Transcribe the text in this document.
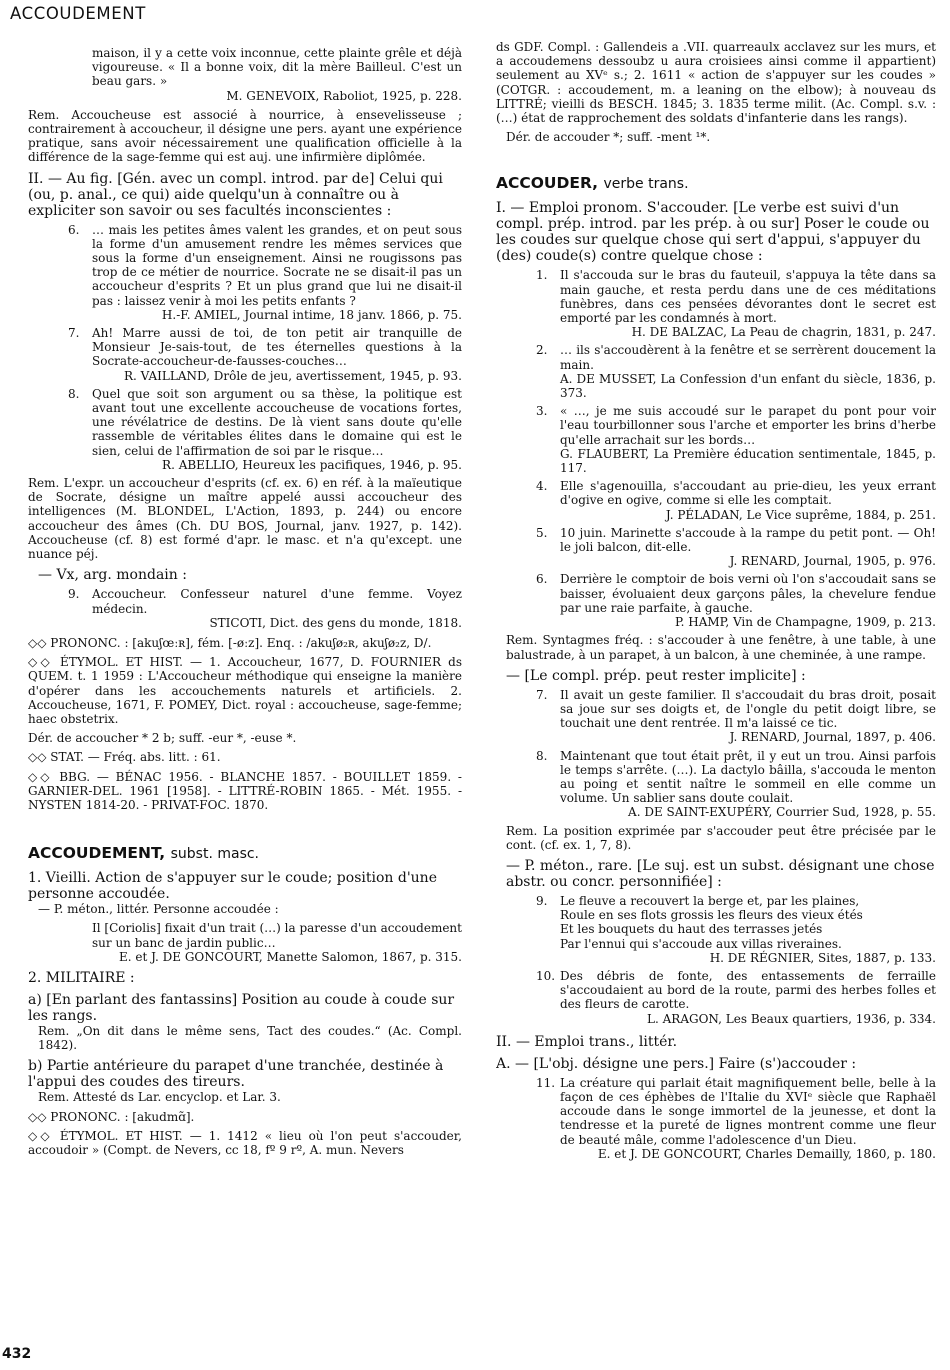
ACCOUDEMENT

maison, il y a cette voix inconnue, cette plainte grêle et déjà vigoureuse. « Il a bonne voix, dit la mère Bailleul. C'est un beau gars. »

M. GENEVOIX, Raboliot, 1925, p. 228.

Rem. Accoucheuse est associé à nourrice, à ensevelisseuse ; contrairement à accoucheur, il désigne une pers. ayant une expérience pratique, sans avoir nécessairement une qualification officielle à la différence de la sage-femme qui est auj. une infirmière diplômée.

II. — Au fig. [Gén. avec un compl. introd. par de] Celui qui (ou, p. anal., ce qui) aide quelqu'un à connaître ou à expliciter son savoir ou ses facultés inconscientes :

6. … mais les petites âmes valent les grandes, et on peut sous la forme d'un amusement rendre les mêmes services que sous la forme d'un enseignement. Ainsi ne rougissons pas trop de ce métier de nourrice. Socrate ne se disait-il pas un accoucheur d'esprits ? Et un plus grand que lui ne disait-il pas : laissez venir à moi les petits enfants ?

H.-F. AMIEL, Journal intime, 18 janv. 1866, p. 75.

7. Ah! Marre aussi de toi, de ton petit air tranquille de Monsieur Je-sais-tout, de tes éternelles questions à la Socrate-accoucheur-de-fausses-couches…

R. VAILLAND, Drôle de jeu, avertissement, 1945, p. 93.

8. Quel que soit son argument ou sa thèse, la politique est avant tout une excellente accoucheuse de vocations fortes, une révélatrice de destins. De là vient sans doute qu'elle rassemble de véritables élites dans le domaine qui est le sien, celui de l'affirmation de soi par le risque…

R. ABELLIO, Heureux les pacifiques, 1946, p. 95.

Rem. L'expr. un accoucheur d'esprits (cf. ex. 6) en réf. à la maïeutique de Socrate, désigne un maître appelé aussi accoucheur des intelligences (M. BLONDEL, L'Action, 1893, p. 244) ou encore accoucheur des âmes (Ch. DU BOS, Journal, janv. 1927, p. 142). Accoucheuse (cf. 8) est formé d'apr. le masc. et n'a qu'except. une nuance péj.

— Vx, arg. mondain :

9. Accoucheur. Confesseur naturel d'une femme. Voyez médecin.

STICOTI, Dict. des gens du monde, 1818.

◇◇ PRONONC. : [akuʃœːʀ], fém. [-øːz]. Enq. : /akuʃø₂ʀ, akuʃø₂z, D/.

◇◇ ÉTYMOL. ET HIST. — 1. Accoucheur, 1677, D. FOURNIER ds QUEM. t. 1 1959 : L'Accoucheur méthodique qui enseigne la manière d'opérer dans les accouchements naturels et artificiels. 2. Accoucheuse, 1671, F. POMEY, Dict. royal : accoucheuse, sage-femme; haec obstetrix.

Dér. de accoucher * 2 b; suff. -eur *, -euse *.

◇◇ STAT. — Fréq. abs. litt. : 61.

◇◇ BBG. — BÉNAC 1956. - BLANCHE 1857. - BOUILLET 1859. - GARNIER-DEL. 1961 [1958]. - LITTRÉ-ROBIN 1865. - Mét. 1955. - NYSTEN 1814-20. - PRIVAT-FOC. 1870.

ACCOUDEMENT, subst. masc.

1. Vieilli. Action de s'appuyer sur le coude; position d'une personne accoudée.

— P. méton., littér. Personne accoudée :

Il [Coriolis] fixait d'un trait (…) la paresse d'un accoudement sur un banc de jardin public…

E. et J. DE GONCOURT, Manette Salomon, 1867, p. 315.

2. MILITAIRE :

a) [En parlant des fantassins] Position au coude à coude sur les rangs.

Rem. „On dit dans le même sens, Tact des coudes.“ (Ac. Compl. 1842).

b) Partie antérieure du parapet d'une tranchée, destinée à l'appui des coudes des tireurs.

Rem. Attesté ds Lar. encyclop. et Lar. 3.

◇◇ PRONONC. : [akudmɑ̃].

◇◇ ÉTYMOL. ET HIST. — 1. 1412 « lieu où l'on peut s'accouder, accoudoir » (Compt. de Nevers, cc 18, fº 9 rº, A. mun. Nevers

ds GDF. Compl. : Gallendeis a .VII. quarreaulx acclavez sur les murs, et a accoudemens dessoubz u aura croisiees ainsi comme il appartient) seulement au XVᵉ s.; 2. 1611 « action de s'appuyer sur les coudes » (COTGR. : accoudement, m. a leaning on the elbow); à nouveau ds LITTRÉ; vieilli ds BESCH. 1845; 3. 1835 terme milit. (Ac. Compl. s.v. : (…) état de rapprochement des soldats d'infanterie dans les rangs).

Dér. de accouder *; suff. -ment ¹*.

ACCOUDER, verbe trans.

I. — Emploi pronom. S'accouder. [Le verbe est suivi d'un compl. prép. introd. par les prép. à ou sur] Poser le coude ou les coudes sur quelque chose qui sert d'appui, s'appuyer du (des) coude(s) contre quelque chose :

1. Il s'accouda sur le bras du fauteuil, s'appuya la tête dans sa main gauche, et resta perdu dans une de ces méditations funèbres, dans ces pensées dévorantes dont le secret est emporté par les condamnés à mort.

H. DE BALZAC, La Peau de chagrin, 1831, p. 247.

2. … ils s'accoudèrent à la fenêtre et se serrèrent doucement la main.

A. DE MUSSET, La Confession d'un enfant du siècle, 1836, p. 373.

3. « …, je me suis accoudé sur le parapet du pont pour voir l'eau tourbillonner sous l'arche et emporter les brins d'herbe qu'elle arrachait sur les bords…

G. FLAUBERT, La Première éducation sentimentale, 1845, p. 117.

4. Elle s'agenouilla, s'accoudant au prie-dieu, les yeux errant d'ogive en ogive, comme si elle les comptait.

J. PÉLADAN, Le Vice suprême, 1884, p. 251.

5. 10 juin. Marinette s'accoude à la rampe du petit pont. — Oh! le joli balcon, dit-elle.

J. RENARD, Journal, 1905, p. 976.

6. Derrière le comptoir de bois verni où l'on s'accoudait sans se baisser, évoluaient deux garçons pâles, la chevelure fendue par une raie parfaite, à gauche.

P. HAMP, Vin de Champagne, 1909, p. 213.

Rem. Syntagmes fréq. : s'accouder à une fenêtre, à une table, à une balustrade, à un parapet, à un balcon, à une cheminée, à une rampe.

— [Le compl. prép. peut rester implicite] :

7. Il avait un geste familier. Il s'accoudait du bras droit, posait sa joue sur ses doigts et, de l'ongle du petit doigt libre, se touchait une dent rentrée. Il m'a laissé ce tic.

J. RENARD, Journal, 1897, p. 406.

8. Maintenant que tout était prêt, il y eut un trou. Ainsi parfois le temps s'arrête. (…). La dactylo bâilla, s'accouda le menton au poing et sentit naître le sommeil en elle comme un volume. Un sablier sans doute coulait.

A. DE SAINT-EXUPÉRY, Courrier Sud, 1928, p. 55.

Rem. La position exprimée par s'accouder peut être précisée par le cont. (cf. ex. 1, 7, 8).

— P. méton., rare. [Le suj. est un subst. désignant une chose abstr. ou concr. personnifiée] :

9. Le fleuve a recouvert la berge et, par les plaines,

Roule en ses flots grossis les fleurs des vieux étés

Et les bouquets du haut des terrasses jetés

Par l'ennui qui s'accoude aux villas riveraines.

H. DE RÉGNIER, Sites, 1887, p. 133.

10. Des débris de fonte, des entassements de ferraille s'accoudaient au bord de la route, parmi des herbes folles et des fleurs de carotte.

L. ARAGON, Les Beaux quartiers, 1936, p. 334.

II. — Emploi trans., littér.

A. — [L'obj. désigne une pers.] Faire (s')accouder :

11. La créature qui parlait était magnifiquement belle, belle à la façon de ces éphèbes de l'Italie du XVIᵉ siècle que Raphaël accoude dans le songe immortel de la jeunesse, et dont la tendresse et la pureté de lignes montrent comme une fleur de beauté mâle, comme l'adolescence d'un Dieu.

E. et J. DE GONCOURT, Charles Demailly, 1860, p. 180.

432
